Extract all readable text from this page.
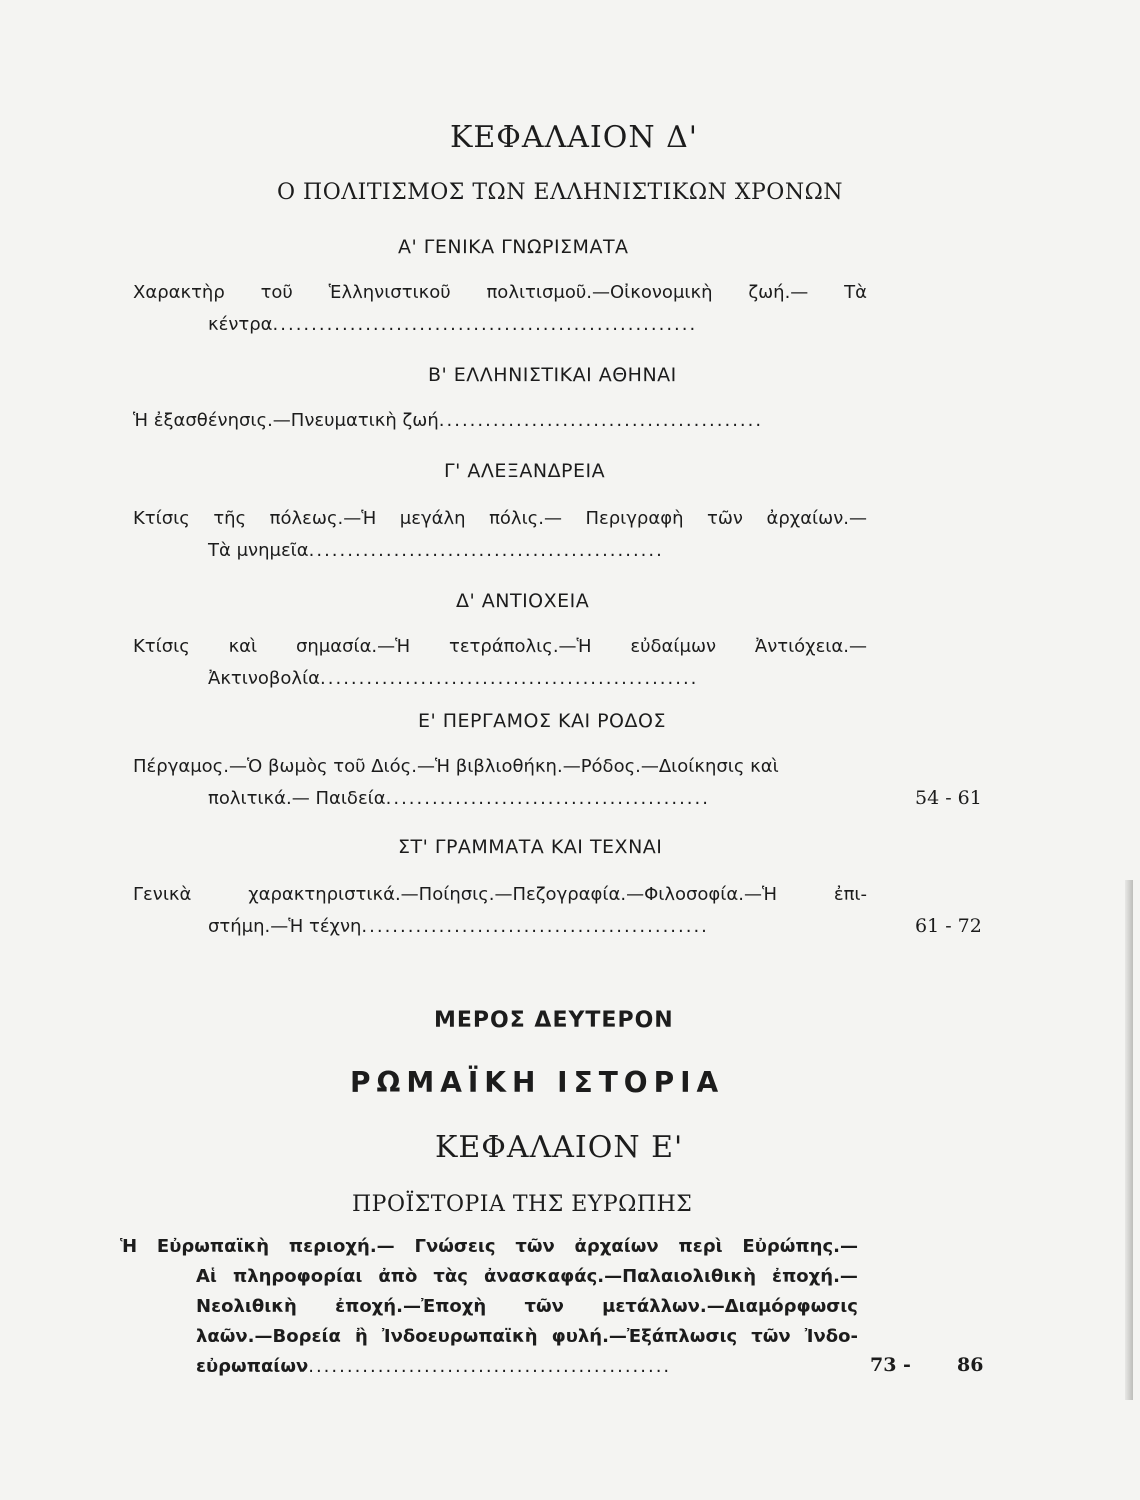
ΚΕΦΑΛΑΙΟΝ Δ'
Ο ΠΟΛΙΤΙΣΜΟΣ ΤΩΝ ΕΛΛΗΝΙΣΤΙΚΩΝ ΧΡΟΝΩΝ
Α' ΓΕΝΙΚΑ ΓΝΩΡΙΣΜΑΤΑ
Χαρακτὴρ τοῦ Ἑλληνιστικοῦ πολιτισμοῦ.—Οἰκονομικὴ ζωή.— Τὰ
κέντρα.......................................................
Β' ΕΛΛΗΝΙΣΤΙΚΑΙ ΑΘΗΝΑΙ
Ἡ ἐξασθένησις.—Πνευματικὴ ζωή..........................................
Γ' ΑΛΕΞΑΝΔΡΕΙΑ
Κτίσις τῆς πόλεως.—Ἡ μεγάλη πόλις.— Περιγραφὴ τῶν ἀρχαίων.—
Τὰ μνημεῖα..............................................
Δ' ΑΝΤΙΟΧΕΙΑ
Κτίσις καὶ σημασία.—Ἡ τετράπολις.—Ἡ εὐδαίμων Ἀντιόχεια.—
Ἀκτινοβολία.................................................
Ε' ΠΕΡΓΑΜΟΣ ΚΑΙ ΡΟΔΟΣ
Πέργαμος.—Ὁ βωμὸς τοῦ Διός.—Ἡ βιβλιοθήκη.—Ρόδος.—Διοίκησις καὶ
πολιτικά.— Παιδεία..........................................	54 - 61
ΣΤ' ΓΡΑΜΜΑΤΑ ΚΑΙ ΤΕΧΝΑΙ
Γενικὰ	χαρακτηριστικά.—Ποίησις.—Πεζογραφία.—Φιλοσοφία.—Ἡ	ἐπι-
στήμη.—Ἡ τέχνη.............................................	61 - 72
ΜΕΡΟΣ ΔΕΥΤΕΡΟΝ
ΡΩΜΑΪΚΗ ΙΣΤΟΡΙΑ
ΚΕΦΑΛΑΙΟΝ Ε'
ΠΡΟΪΣΤΟΡΙΑ ΤΗΣ ΕΥΡΩΠΗΣ
Ἡ Εὐρωπαϊκὴ περιοχή.— Γνώσεις τῶν ἀρχαίων περὶ Εὐρώπης.—
Αἱ πληροφορίαι ἀπὸ τὰς ἀνασκαφάς.—Παλαιολιθικὴ ἐποχή.—
Νεολιθικὴ ἐποχή.—Ἐποχὴ τῶν μετάλλων.—Διαμόρφωσις
λαῶν.—Βορεία ἢ Ἰνδοευρωπαϊκὴ φυλή.—Ἐξάπλωσις τῶν Ἰνδο-
εὐρωπαίων...............................................	73 - 86
